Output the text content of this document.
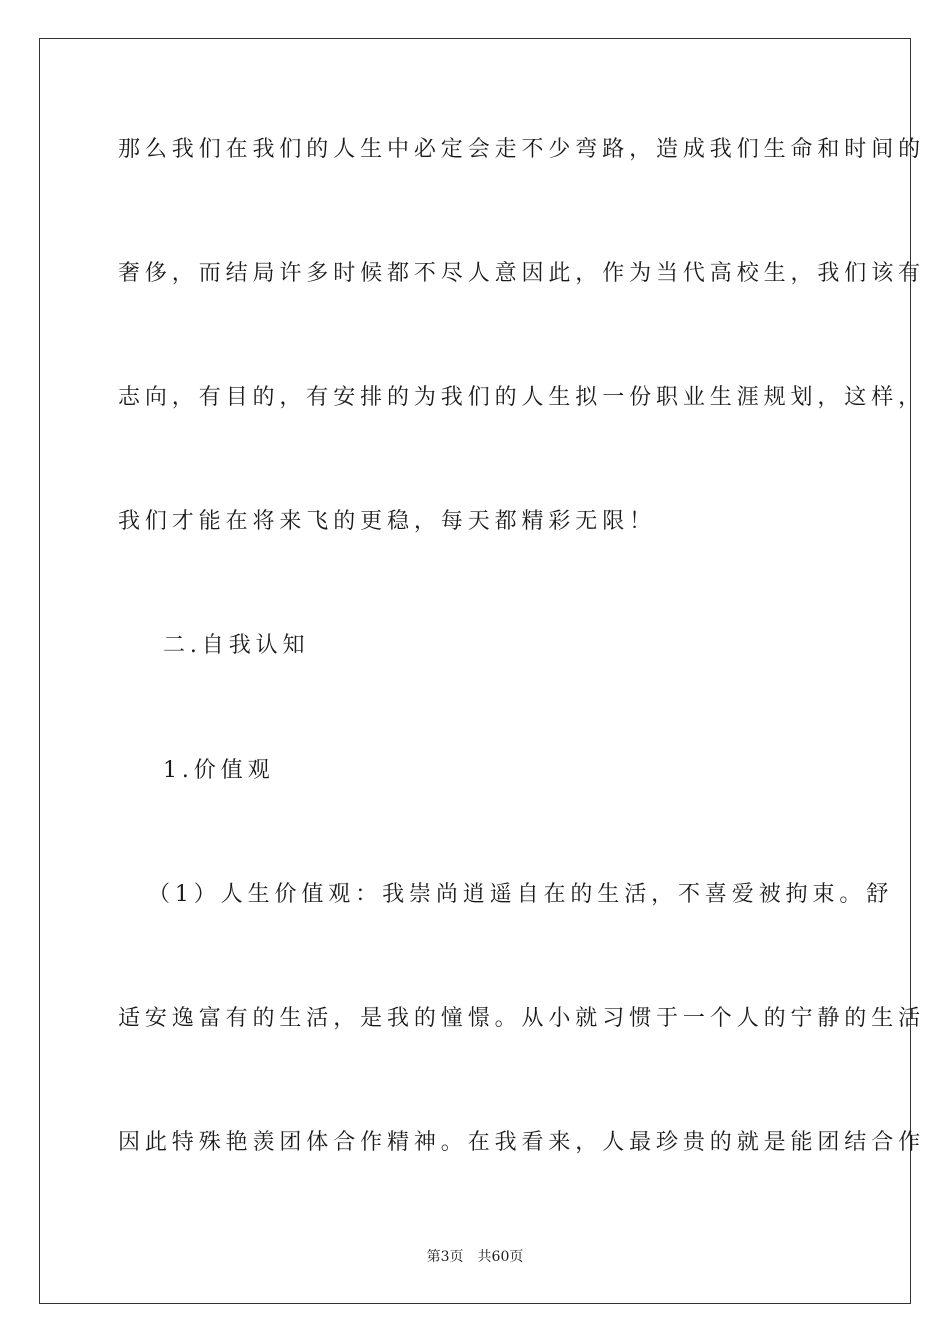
那么我们在我们的人生中必定会走不少弯路，造成我们生命和时间的
奢侈，而结局许多时候都不尽人意因此，作为当代高校生，我们该有
志向，有目的，有安排的为我们的人生拟一份职业生涯规划，这样，
我们才能在将来飞的更稳，每天都精彩无限！
二.自我认知
1.价值观
（1）人生价值观：我崇尚逍遥自在的生活，不喜爱被拘束。舒
适安逸富有的生活，是我的憧憬。从小就习惯于一个人的宁静的生活
因此特殊艳羡团体合作精神。在我看来，人最珍贵的就是能团结合作
第3页 共60页
